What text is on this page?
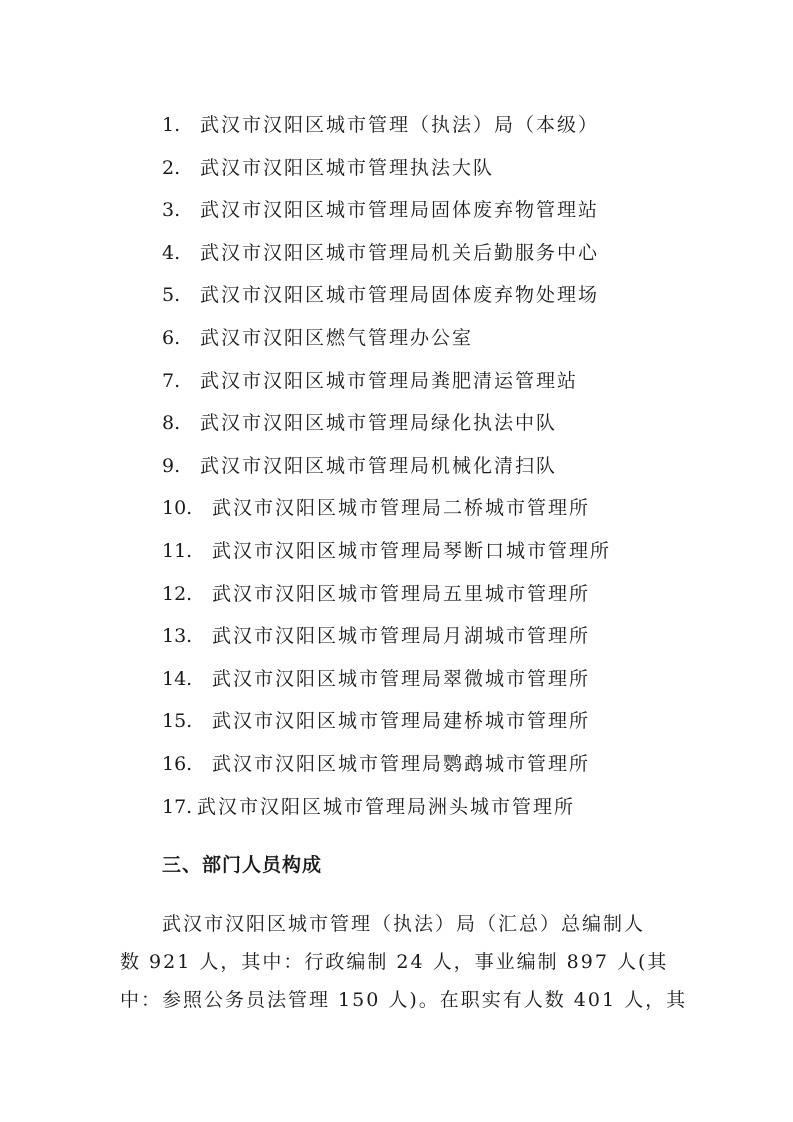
1. 武汉市汉阳区城市管理（执法）局（本级）
2. 武汉市汉阳区城市管理执法大队
3. 武汉市汉阳区城市管理局固体废弃物管理站
4. 武汉市汉阳区城市管理局机关后勤服务中心
5. 武汉市汉阳区城市管理局固体废弃物处理场
6. 武汉市汉阳区燃气管理办公室
7. 武汉市汉阳区城市管理局粪肥清运管理站
8. 武汉市汉阳区城市管理局绿化执法中队
9. 武汉市汉阳区城市管理局机械化清扫队
10. 武汉市汉阳区城市管理局二桥城市管理所
11. 武汉市汉阳区城市管理局琴断口城市管理所
12. 武汉市汉阳区城市管理局五里城市管理所
13. 武汉市汉阳区城市管理局月湖城市管理所
14. 武汉市汉阳区城市管理局翠微城市管理所
15. 武汉市汉阳区城市管理局建桥城市管理所
16. 武汉市汉阳区城市管理局鹦鹉城市管理所
17. 武汉市汉阳区城市管理局洲头城市管理所
三、部门人员构成

武汉市汉阳区城市管理（执法）局（汇总）总编制人
数 921 人，其中：行政编制 24 人，事业编制 897 人(其
中：参照公务员法管理 150 人)。在职实有人数 401 人，其
